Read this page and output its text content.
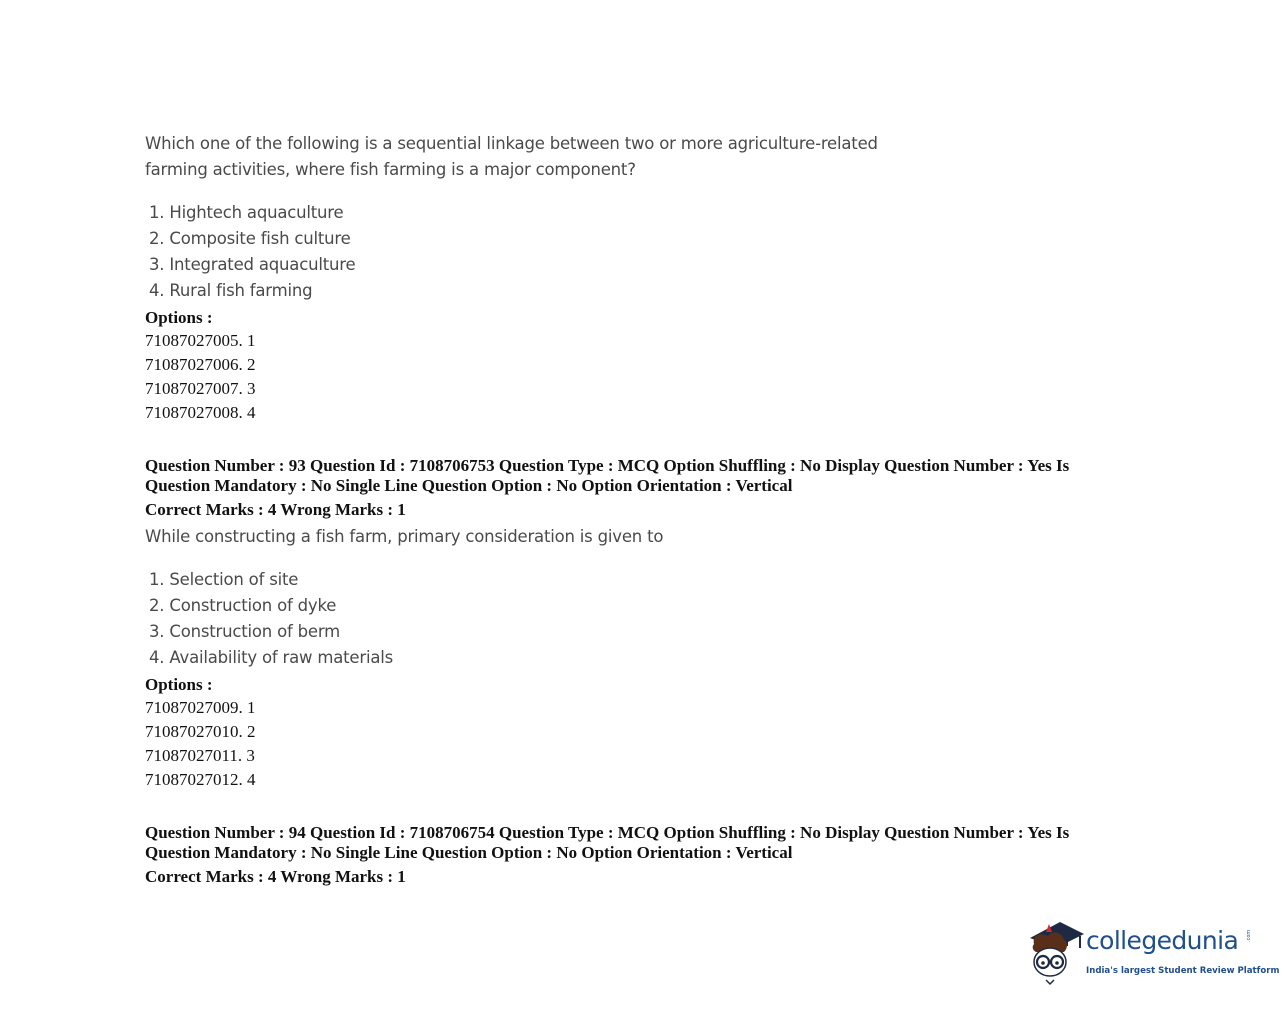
Which one of the following is a sequential linkage between two or more agriculture-related

farming activities, where fish farming is a major component?

1. Hightech aquaculture
2. Composite fish culture
3. Integrated aquaculture
4. Rural fish farming
Options :
71087027005. 1
71087027006. 2
71087027007. 3
71087027008. 4
Question Number : 93 Question Id : 7108706753 Question Type : MCQ Option Shuffling : No Display Question Number : Yes Is
Question Mandatory : No Single Line Question Option : No Option Orientation : Vertical
Correct Marks : 4 Wrong Marks : 1

While constructing a fish farm, primary consideration is given to

1. Selection of site
2. Construction of dyke
3. Construction of berm
4. Availability of raw materials
Options :
71087027009. 1
71087027010. 2
71087027011. 3
71087027012. 4
Question Number : 94 Question Id : 7108706754 Question Type : MCQ Option Shuffling : No Display Question Number : Yes Is
Question Mandatory : No Single Line Question Option : No Option Orientation : Vertical
Correct Marks : 4 Wrong Marks : 1
collegedunia .com
India's largest Student Review Platform
